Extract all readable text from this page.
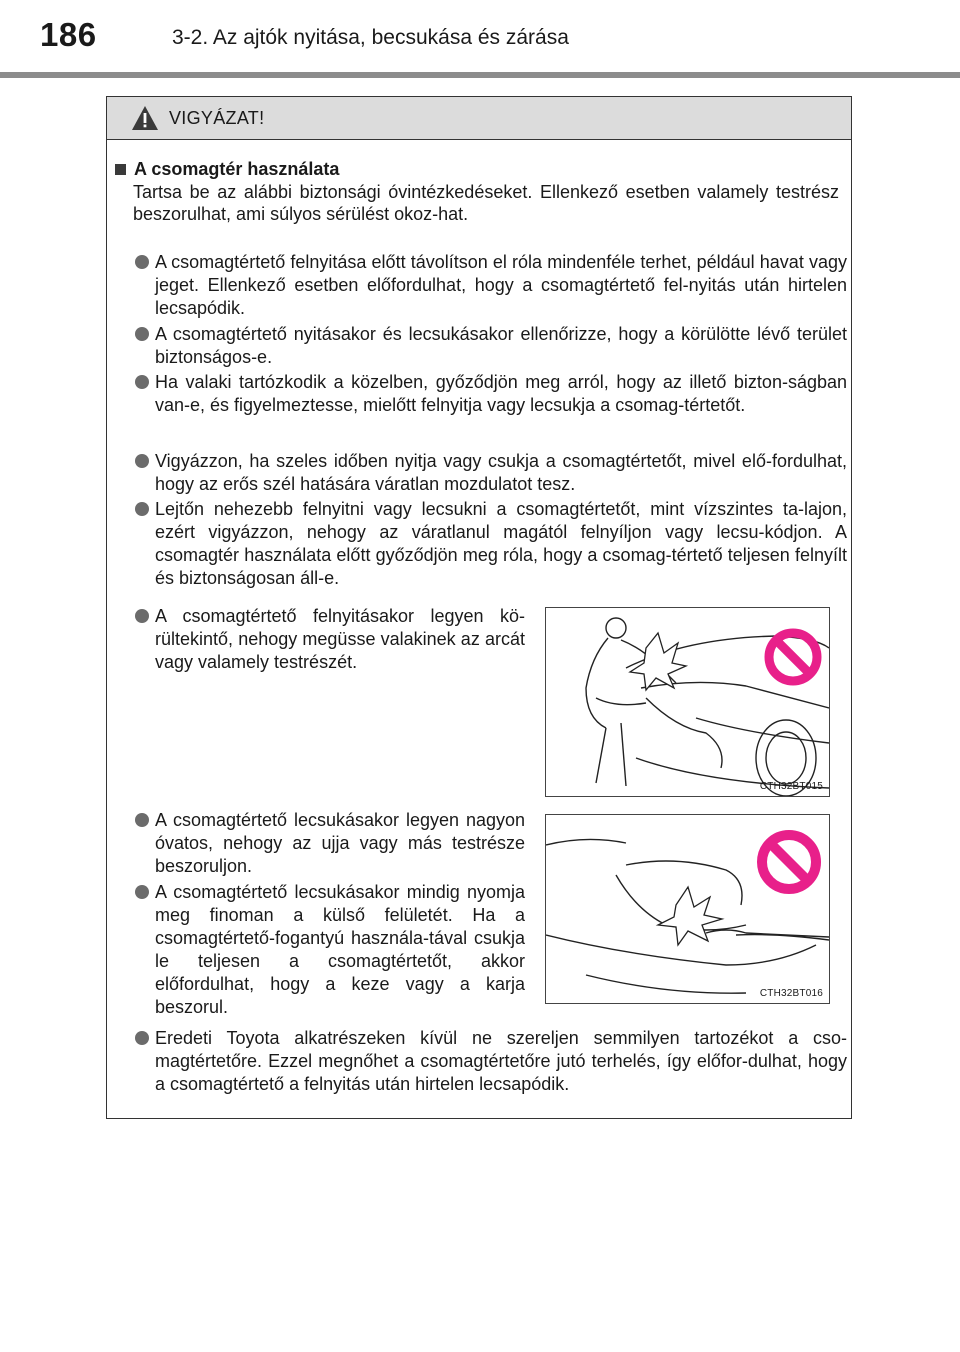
186	3-2. Az ajtók nyitása, becsukása és zárása
VIGYÁZAT!
A csomagtér használata
Tartsa be az alábbi biztonsági óvintézkedéseket. Ellenkező esetben valamely testrész beszorulhat, ami súlyos sérülést okoz-hat.
A csomagtértető felnyitása előtt távolítson el róla mindenféle terhet, például havat vagy jeget. Ellenkező esetben előfordulhat, hogy a csomagtértető fel-nyitás után hirtelen lecsapódik.
A csomagtértető nyitásakor és lecsukásakor ellenőrizze, hogy a körülötte lévő terület biztonságos-e.
Ha valaki tartózkodik a közelben, győződjön meg arról, hogy az illető bizton-ságban van-e, és figyelmeztesse, mielőtt felnyitja vagy lecsukja a csomag-tértetőt.
Vigyázzon, ha szeles időben nyitja vagy csukja a csomagtértetőt, mivel elő-fordulhat, hogy az erős szél hatására váratlan mozdulatot tesz.
Lejtőn nehezebb felnyitni vagy lecsukni a csomagtértetőt, mint vízszintes ta-lajon, ezért vigyázzon, nehogy az váratlanul magától felnyíljon vagy lecsu-kódjon. A csomagtér használata előtt győződjön meg róla, hogy a csomag-tértető teljesen felnyílt és biztonságosan áll-e.
A csomagtértető felnyitásakor legyen kö-rültekintő, nehogy megüsse valakinek az arcát vagy valamely testrészét.
CTH32BT015
A csomagtértető lecsukásakor legyen nagyon óvatos, nehogy az ujja vagy más testrésze beszoruljon.
A csomagtértető lecsukásakor mindig nyomja meg finoman a külső felületét. Ha a csomagtértető-fogantyú használa-tával csukja le teljesen a csomagtértetőt, akkor előfordulhat, hogy a keze vagy a karja beszorul.
CTH32BT016
Eredeti Toyota alkatrészeken kívül ne szereljen semmilyen tartozékot a cso-magtértetőre. Ezzel megnőhet a csomagtértetőre jutó terhelés, így előfor-dulhat, hogy a csomagtértető a felnyitás után hirtelen lecsapódik.
